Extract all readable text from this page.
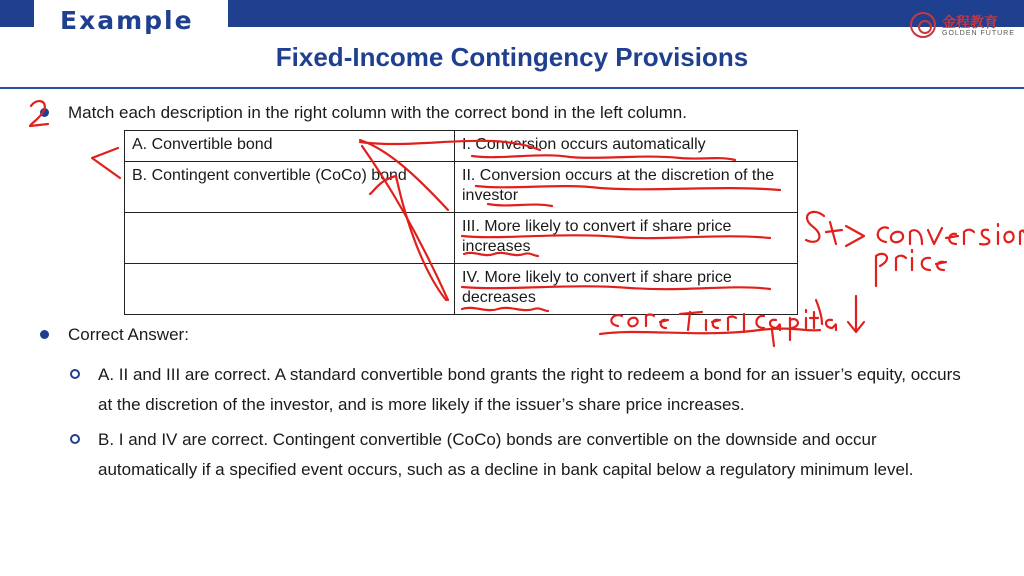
Example
Fixed-Income Contingency Provisions
金程教育
GOLDEN FUTURE
Match each description in the right column with the correct bond in the left column.
A. Convertible bond	I. Conversion occurs automatically
B. Contingent convertible (CoCo) bond	II. Conversion occurs at the discretion of the investor
	III. More likely to convert if share price increases
	IV. More likely to convert if share price decreases
Correct Answer:
A. II and III are correct. A standard convertible bond grants the right to redeem a bond for an issuer’s equity, occurs at the discretion of the investor, and is more likely if the issuer’s share price increases.
B. I and IV are correct. Contingent convertible (CoCo) bonds are convertible on the downside and occur automatically if a specified event occurs, such as a decline in bank capital below a regulatory minimum level.
